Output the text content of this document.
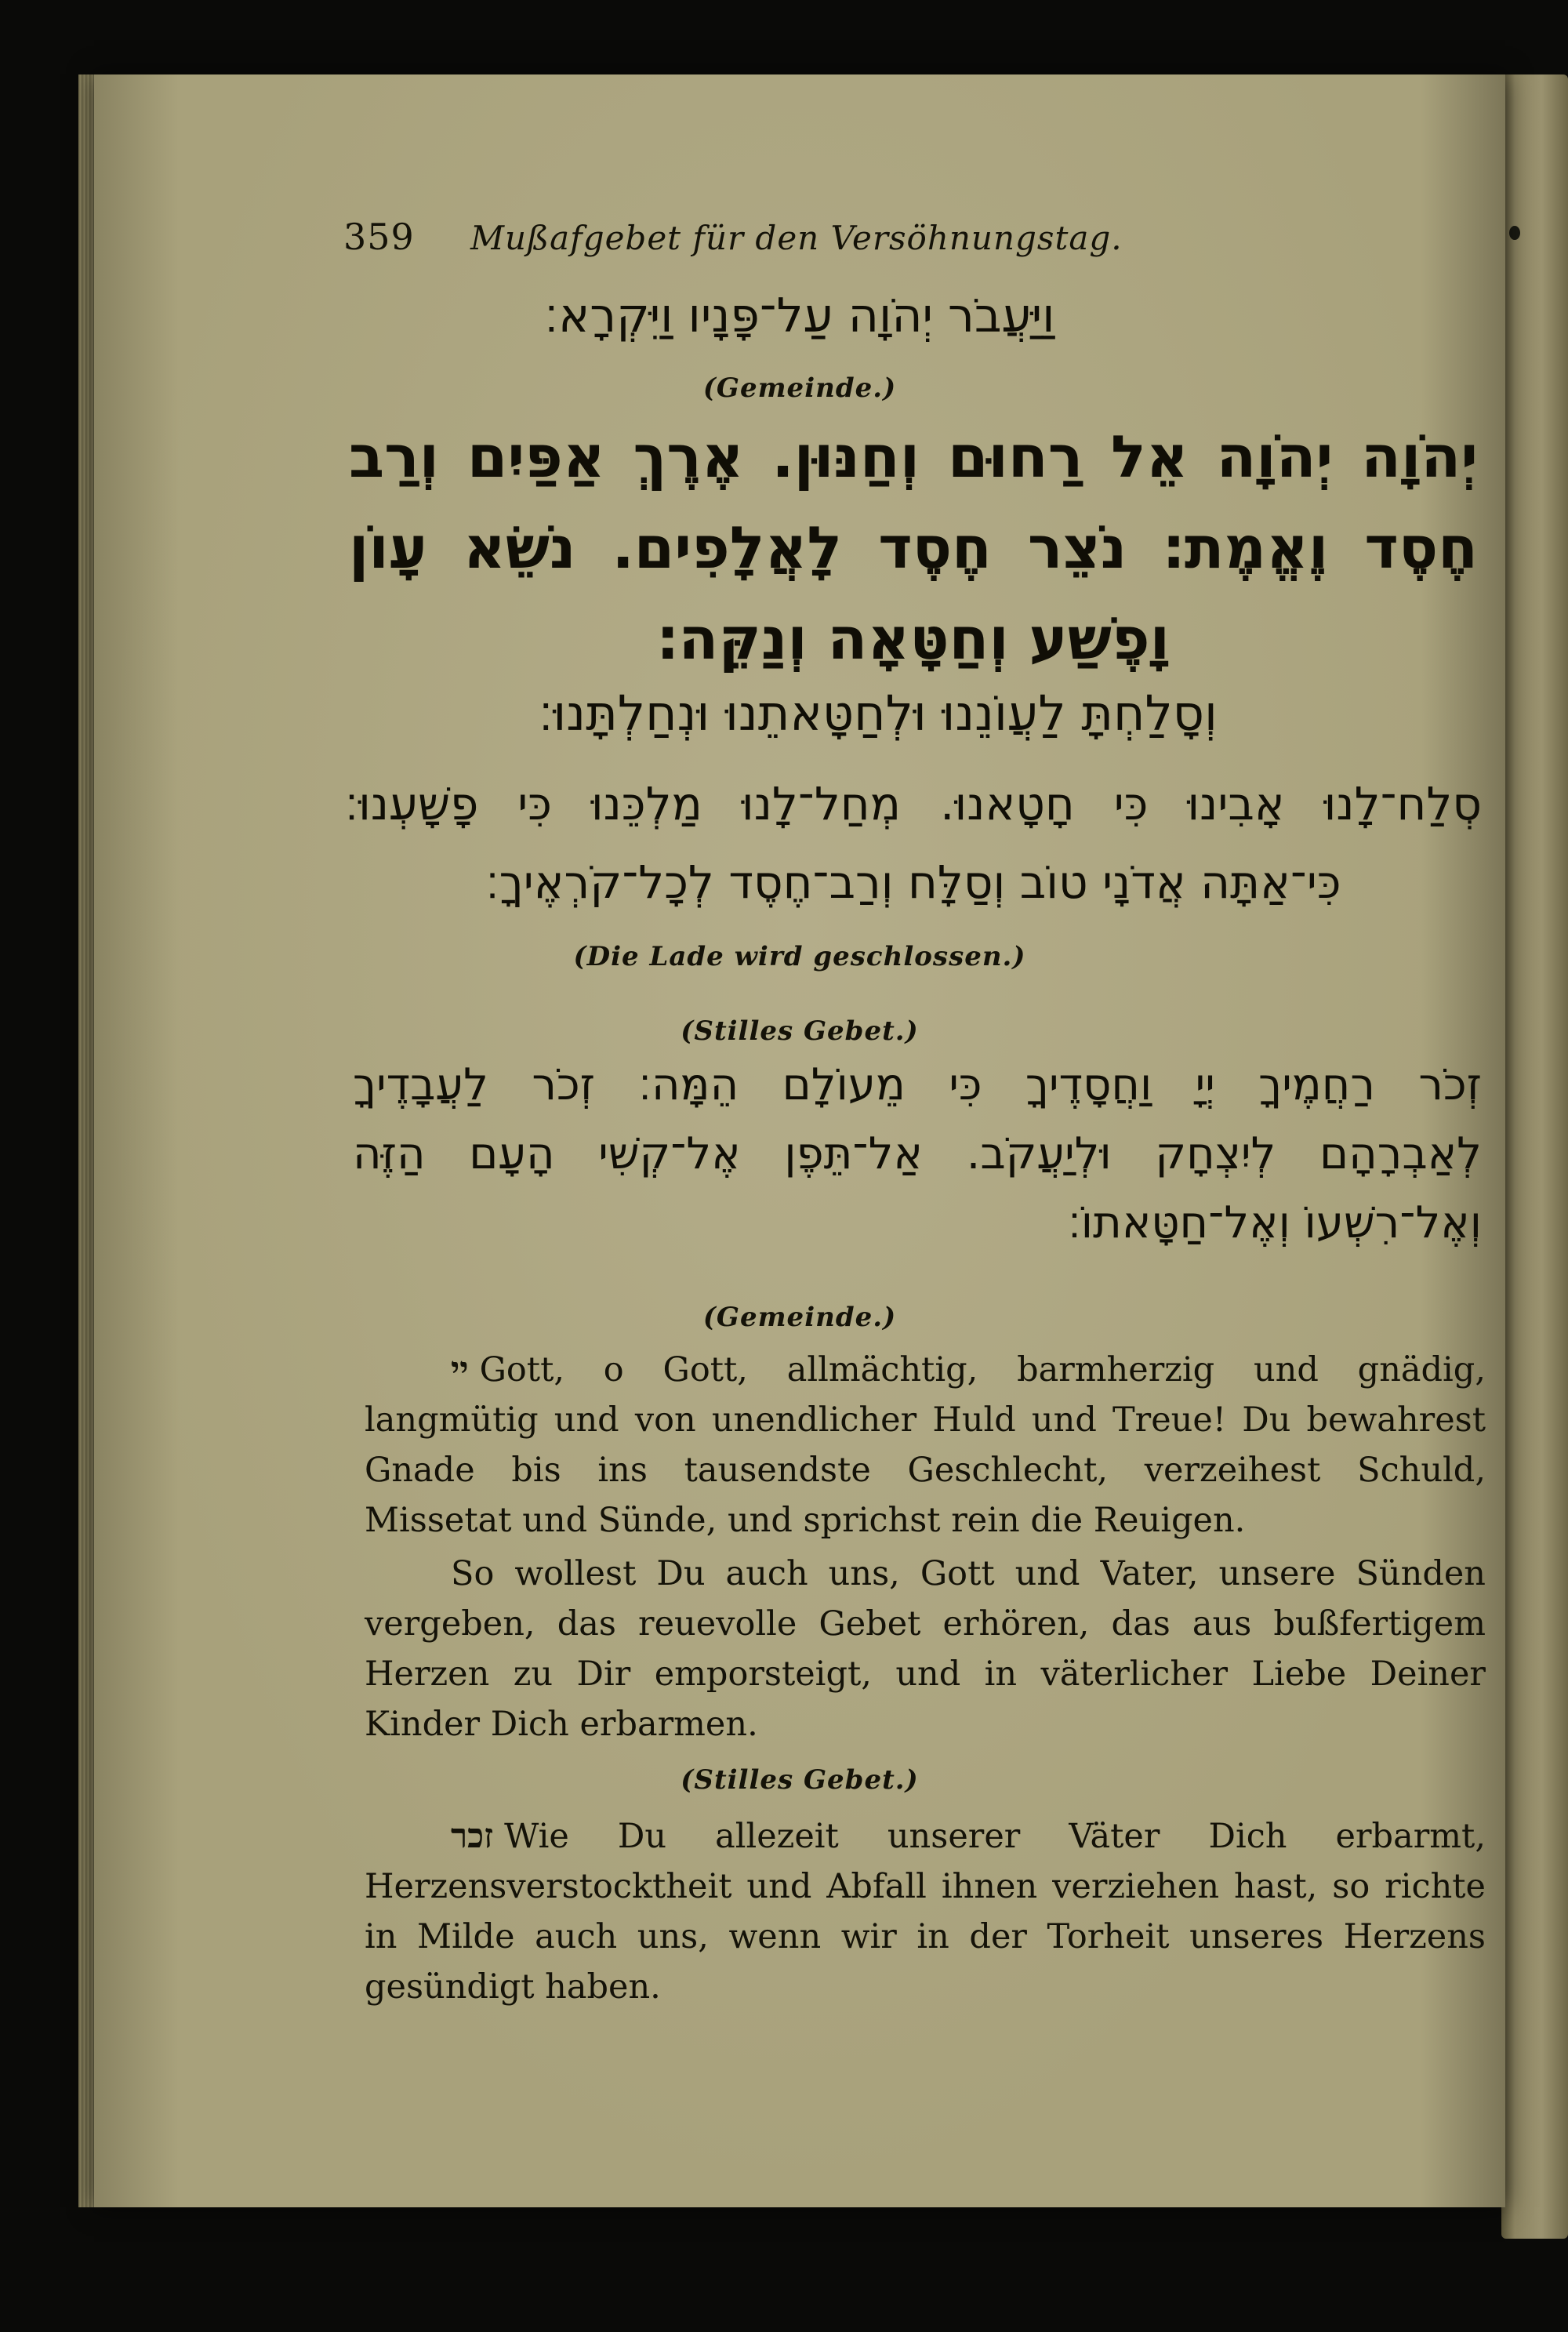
359 Mußafgebet für den Versöhnungstag.
וַיַּעֲבֹר יְהֹוָה עַל־פָּנָיו וַיִּקְרָא׃
(Gemeinde.)
יְהֹוָה יְהֹוָה אֵל רַחוּם וְחַנּוּן. אֶרֶךְ אַפַּיִם וְרַב
חֶסֶד וֶאֱמֶת׃ נֹצֵר חֶסֶד לָאֲלָפִים. נֹשֵׂא עָוֹן
וָפֶשַׁע וְחַטָּאָה וְנַקֵּה׃
וְסָלַחְתָּ לַעֲוֹנֵנוּ וּלְחַטָּאתֵנוּ וּנְחַלְתָּנוּ׃
סְלַח־לָנוּ אָבִינוּ כִּי חָטָאנוּ. מְחַל־לָנוּ מַלְכֵּנוּ כִּי פָשָׁעְנוּ׃
כִּי־אַתָּה אֲדֹנָי טוֹב וְסַלָּח וְרַב־חֶסֶד לְכָל־קֹרְאֶיךָ׃
(Die Lade wird geschlossen.)
(Stilles Gebet.)
זְכֹר רַחֲמֶיךָ יְיָ וַחֲסָדֶיךָ כִּי מֵעוֹלָם הֵמָּה׃ זְכֹר לַעֲבָדֶיךָ
לְאַבְרָהָם לְיִצְחָק וּלְיַעֲקֹב. אַל־תֵּפֶן אֶל־קְשִׁי הָעָם הַזֶּה
וְאֶל־רִשְׁעוֹ וְאֶל־חַטָּאתוֹ׃
(Gemeinde.)
יי Gott, o Gott, allmächtig, barmherzig und gnädig, langmütig und von unendlicher Huld und Treue! Du bewahrest Gnade bis ins tausendste Geschlecht, verzeihest Schuld, Missetat und Sünde, und sprichst rein die Reuigen.
So wollest Du auch uns, Gott und Vater, unsere Sünden vergeben, das reuevolle Gebet erhören, das aus bußfertigem Herzen zu Dir emporsteigt, und in väterlicher Liebe Deiner Kinder Dich erbarmen.
(Stilles Gebet.)
זכר Wie Du allezeit unserer Väter Dich erbarmt, Herzensverstocktheit und Abfall ihnen verziehen hast, so richte in Milde auch uns, wenn wir in der Torheit unseres Herzens gesündigt haben.
